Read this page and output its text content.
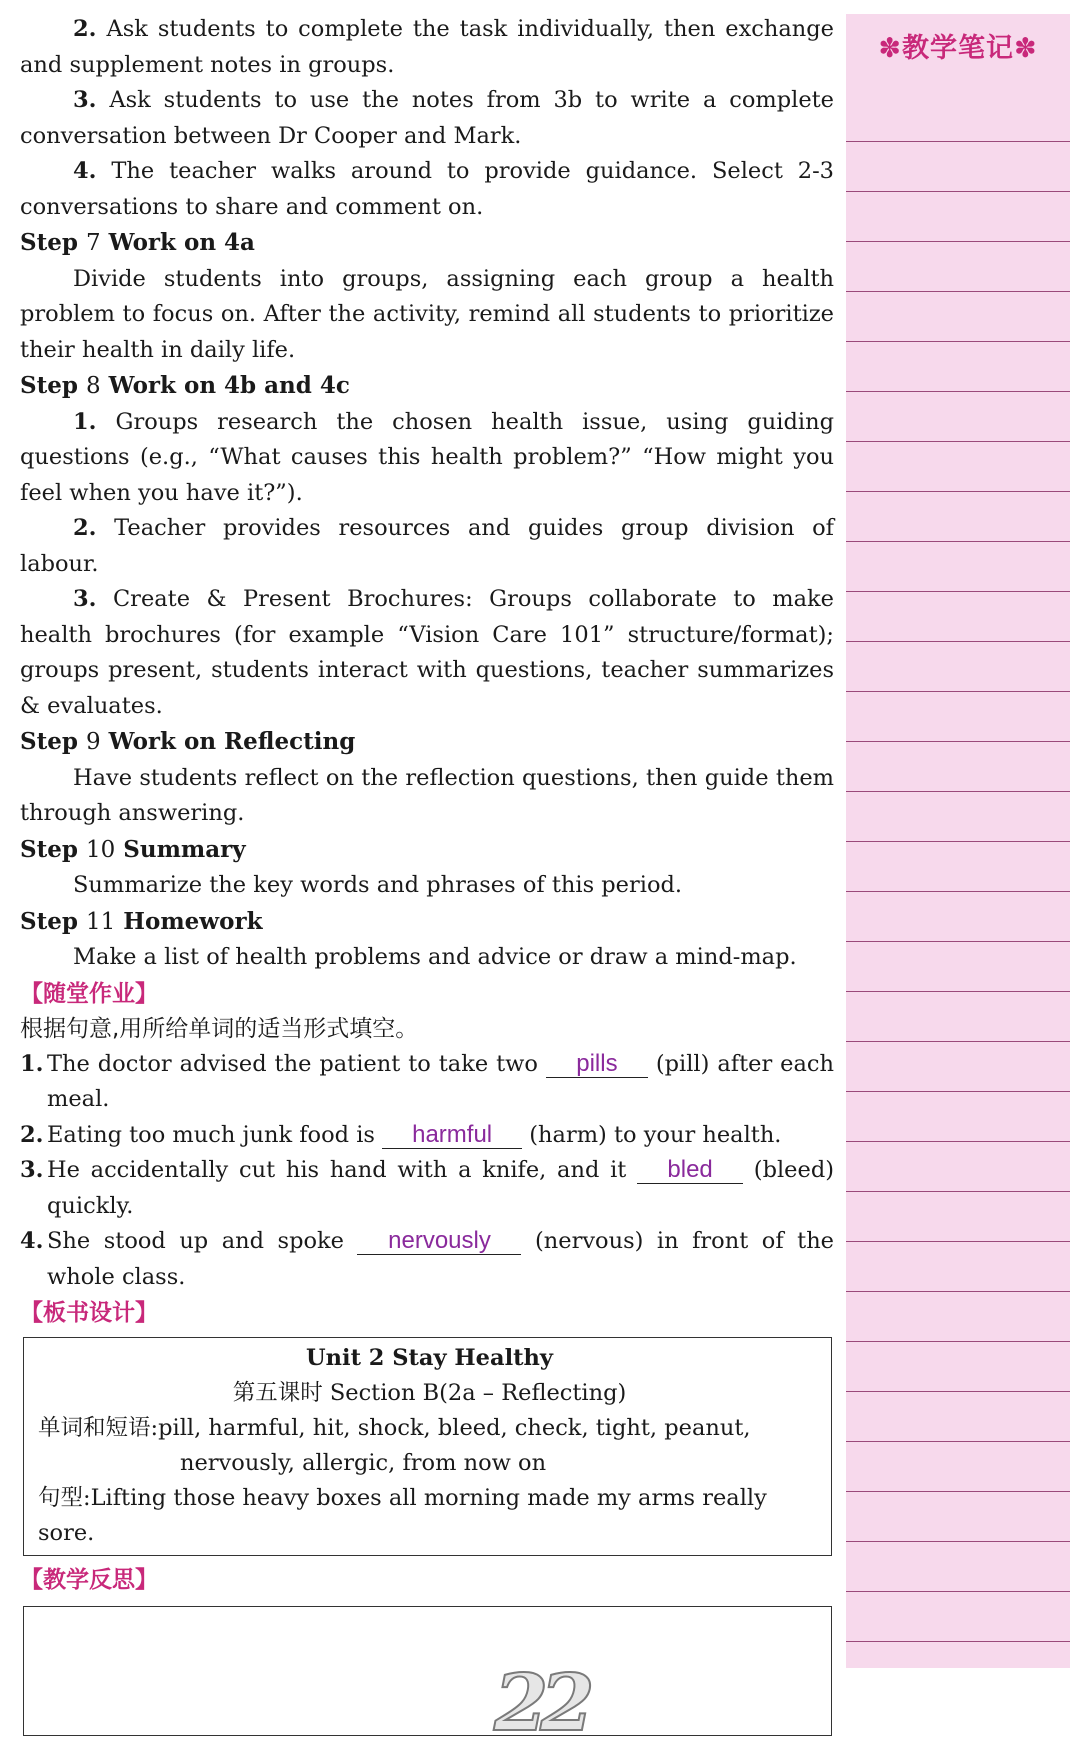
2. Ask students to complete the task individually, then exchange and supplement notes in groups.

3. Ask students to use the notes from 3b to write a complete conversation between Dr Cooper and Mark.

4. The teacher walks around to provide guidance. Select 2-3 conversations to share and comment on.

Step 7 Work on 4a

Divide students into groups, assigning each group a health problem to focus on. After the activity, remind all students to prioritize their health in daily life.

Step 8 Work on 4b and 4c

1. Groups research the chosen health issue, using guiding questions (e.g., “What causes this health problem?” “How might you feel when you have it?”).

2. Teacher provides resources and guides group division of labour.

3. Create & Present Brochures: Groups collaborate to make health brochures (for example “Vision Care 101” structure/format); groups present, students interact with questions, teacher summarizes & evaluates.

Step 9 Work on Reflecting

Have students reflect on the reflection questions, then guide them through answering.

Step 10 Summary

Summarize the key words and phrases of this period.

Step 11 Homework

Make a list of health problems and advice or draw a mind-map.

【随堂作业】

根据句意,用所给单词的适当形式填空。

1. The doctor advised the patient to take two pills (pill) after each meal.

2. Eating too much junk food is harmful (harm) to your health.

3. He accidentally cut his hand with a knife, and it bled (bleed) quickly.

4. She stood up and spoke nervously (nervous) in front of the whole class.

【板书设计】

Unit 2 Stay Healthy

第五课时 Section B(2a – Reflecting)

单词和短语:pill, harmful, hit, shock, bleed, check, tight, peanut,

nervously, allergic, from now on

句型:Lifting those heavy boxes all morning made my arms really sore.

【教学反思】

22
✽教学笔记✽
